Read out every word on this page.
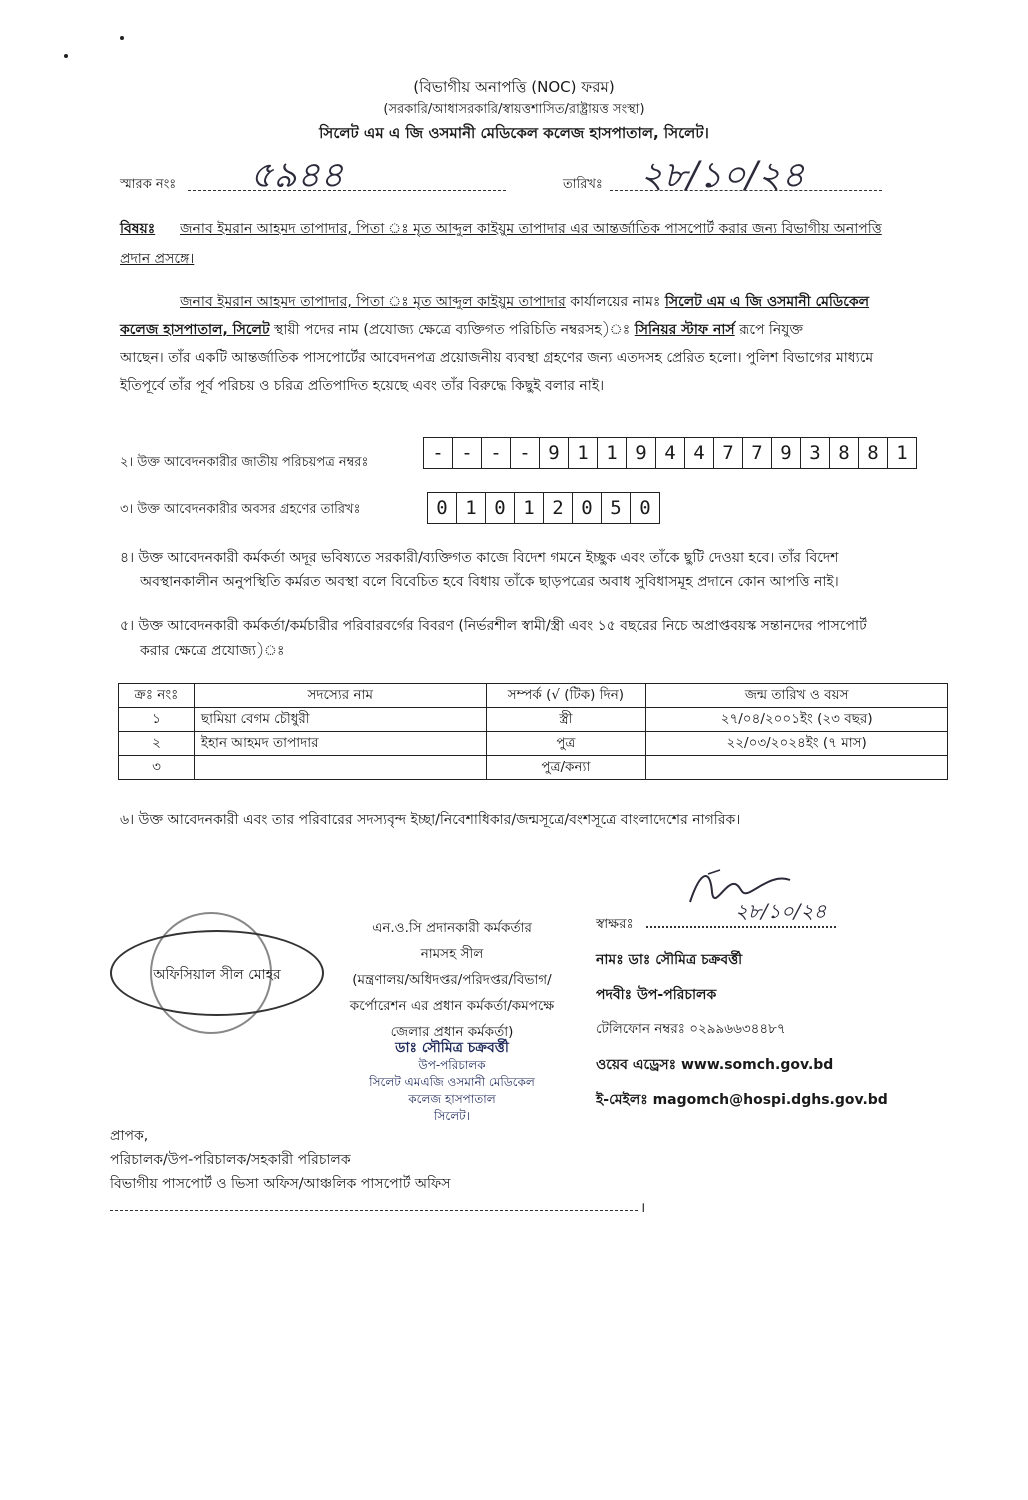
(বিভাগীয় অনাপত্তি (NOC) ফরম)
(সরকারি/আধাসরকারি/স্বায়ত্তশাসিত/রাষ্ট্রায়ত্ত সংস্থা)
সিলেট এম এ জি ওসমানী মেডিকেল কলেজ হাসপাতাল, সিলেট।
স্মারক নংঃ ৫৯৪৪	তারিখঃ ২৮/১০/২৪
বিষয়ঃ জনাব ইমরান আহমদ তাপাদার, পিতা ঃ মৃত আব্দুল কাইয়ুম তাপাদার এর আন্তর্জাতিক পাসপোর্ট করার জন্য বিভাগীয় অনাপত্তি
প্রদান প্রসঙ্গে।
জনাব ইমরান আহমদ তাপাদার, পিতা ঃ মৃত আব্দুল কাইয়ুম তাপাদার কার্যালয়ের নামঃ সিলেট এম এ জি ওসমানী মেডিকেল
কলেজ হাসপাতাল, সিলেট স্থায়ী পদের নাম (প্রযোজ্য ক্ষেত্রে ব্যক্তিগত পরিচিতি নম্বরসহ)ঃ সিনিয়র স্টাফ নার্স রূপে নিযুক্ত
আছেন। তাঁর একটি আন্তর্জাতিক পাসপোর্টের আবেদনপত্র প্রয়োজনীয় ব্যবস্থা গ্রহণের জন্য এতদসহ প্রেরিত হলো। পুলিশ বিভাগের মাধ্যমে
ইতিপূর্বে তাঁর পূর্ব পরিচয় ও চরিত্র প্রতিপাদিত হয়েছে এবং তাঁর বিরুদ্ধে কিছুই বলার নাই।
২। উক্ত আবেদনকারীর জাতীয় পরিচয়পত্র নম্বরঃ	- - - - 9 1 1 9 4 4 7 7 9 3 8 8 1
৩। উক্ত আবেদনকারীর অবসর গ্রহণের তারিখঃ	0 1 0 1 2 0 5 0
৪। উক্ত আবেদনকারী কর্মকর্তা অদূর ভবিষ্যতে সরকারী/ব্যক্তিগত কাজে বিদেশ গমনে ইচ্ছুক এবং তাঁকে ছুটি দেওয়া হবে। তাঁর বিদেশ
অবস্থানকালীন অনুপস্থিতি কর্মরত অবস্থা বলে বিবেচিত হবে বিধায় তাঁকে ছাড়পত্রের অবাধ সুবিধাসমূহ প্রদানে কোন আপত্তি নাই।
৫। উক্ত আবেদনকারী কর্মকর্তা/কর্মচারীর পরিবারবর্গের বিবরণ (নির্ভরশীল স্বামী/স্ত্রী এবং ১৫ বছরের নিচে অপ্রাপ্তবয়স্ক সন্তানদের পাসপোর্ট
করার ক্ষেত্রে প্রযোজ্য)ঃ
ক্রঃ নংঃ	সদস্যের নাম	সম্পর্ক (√ (টিক) দিন)	জন্ম তারিখ ও বয়স
১	ছামিয়া বেগম চৌধুরী	স্ত্রী	২৭/০৪/২০০১ইং (২৩ বছর)
২	ইহান আহমদ তাপাদার	পুত্র	২২/০৩/২০২৪ইং (৭ মাস)
৩		পুত্র/কন্যা	
৬। উক্ত আবেদনকারী এবং তার পরিবারের সদস্যবৃন্দ ইচ্ছা/নিবেশাধিকার/জন্মসূত্রে/বংশসূত্রে বাংলাদেশের নাগরিক।
অফিসিয়াল সীল মোহর
এন.ও.সি প্রদানকারী কর্মকর্তার
নামসহ সীল
(মন্ত্রণালয়/অধিদপ্তর/পরিদপ্তর/বিভাগ/
কর্পোরেশন এর প্রধান কর্মকর্তা/কমপক্ষে
জেলার প্রধান কর্মকর্তা)
ডাঃ সৌমিত্র চক্রবর্ত্তী
উপ-পরিচালক
সিলেট এমএজি ওসমানী মেডিকেল
কলেজ হাসপাতাল
সিলেট।
স্বাক্ষরঃ
২৮/১০/২৪
নামঃ ডাঃ সৌমিত্র চক্রবর্ত্তী
পদবীঃ উপ-পরিচালক
টেলিফোন নম্বরঃ ০২৯৯৬৬৩৪৪৮৭
ওয়েব এড্রেসঃ www.somch.gov.bd
ই-মেইলঃ magomch@hospi.dghs.gov.bd
প্রাপক,
পরিচালক/উপ-পরিচালক/সহকারী পরিচালক
বিভাগীয় পাসপোর্ট ও ভিসা অফিস/আঞ্চলিক পাসপোর্ট অফিস
।
